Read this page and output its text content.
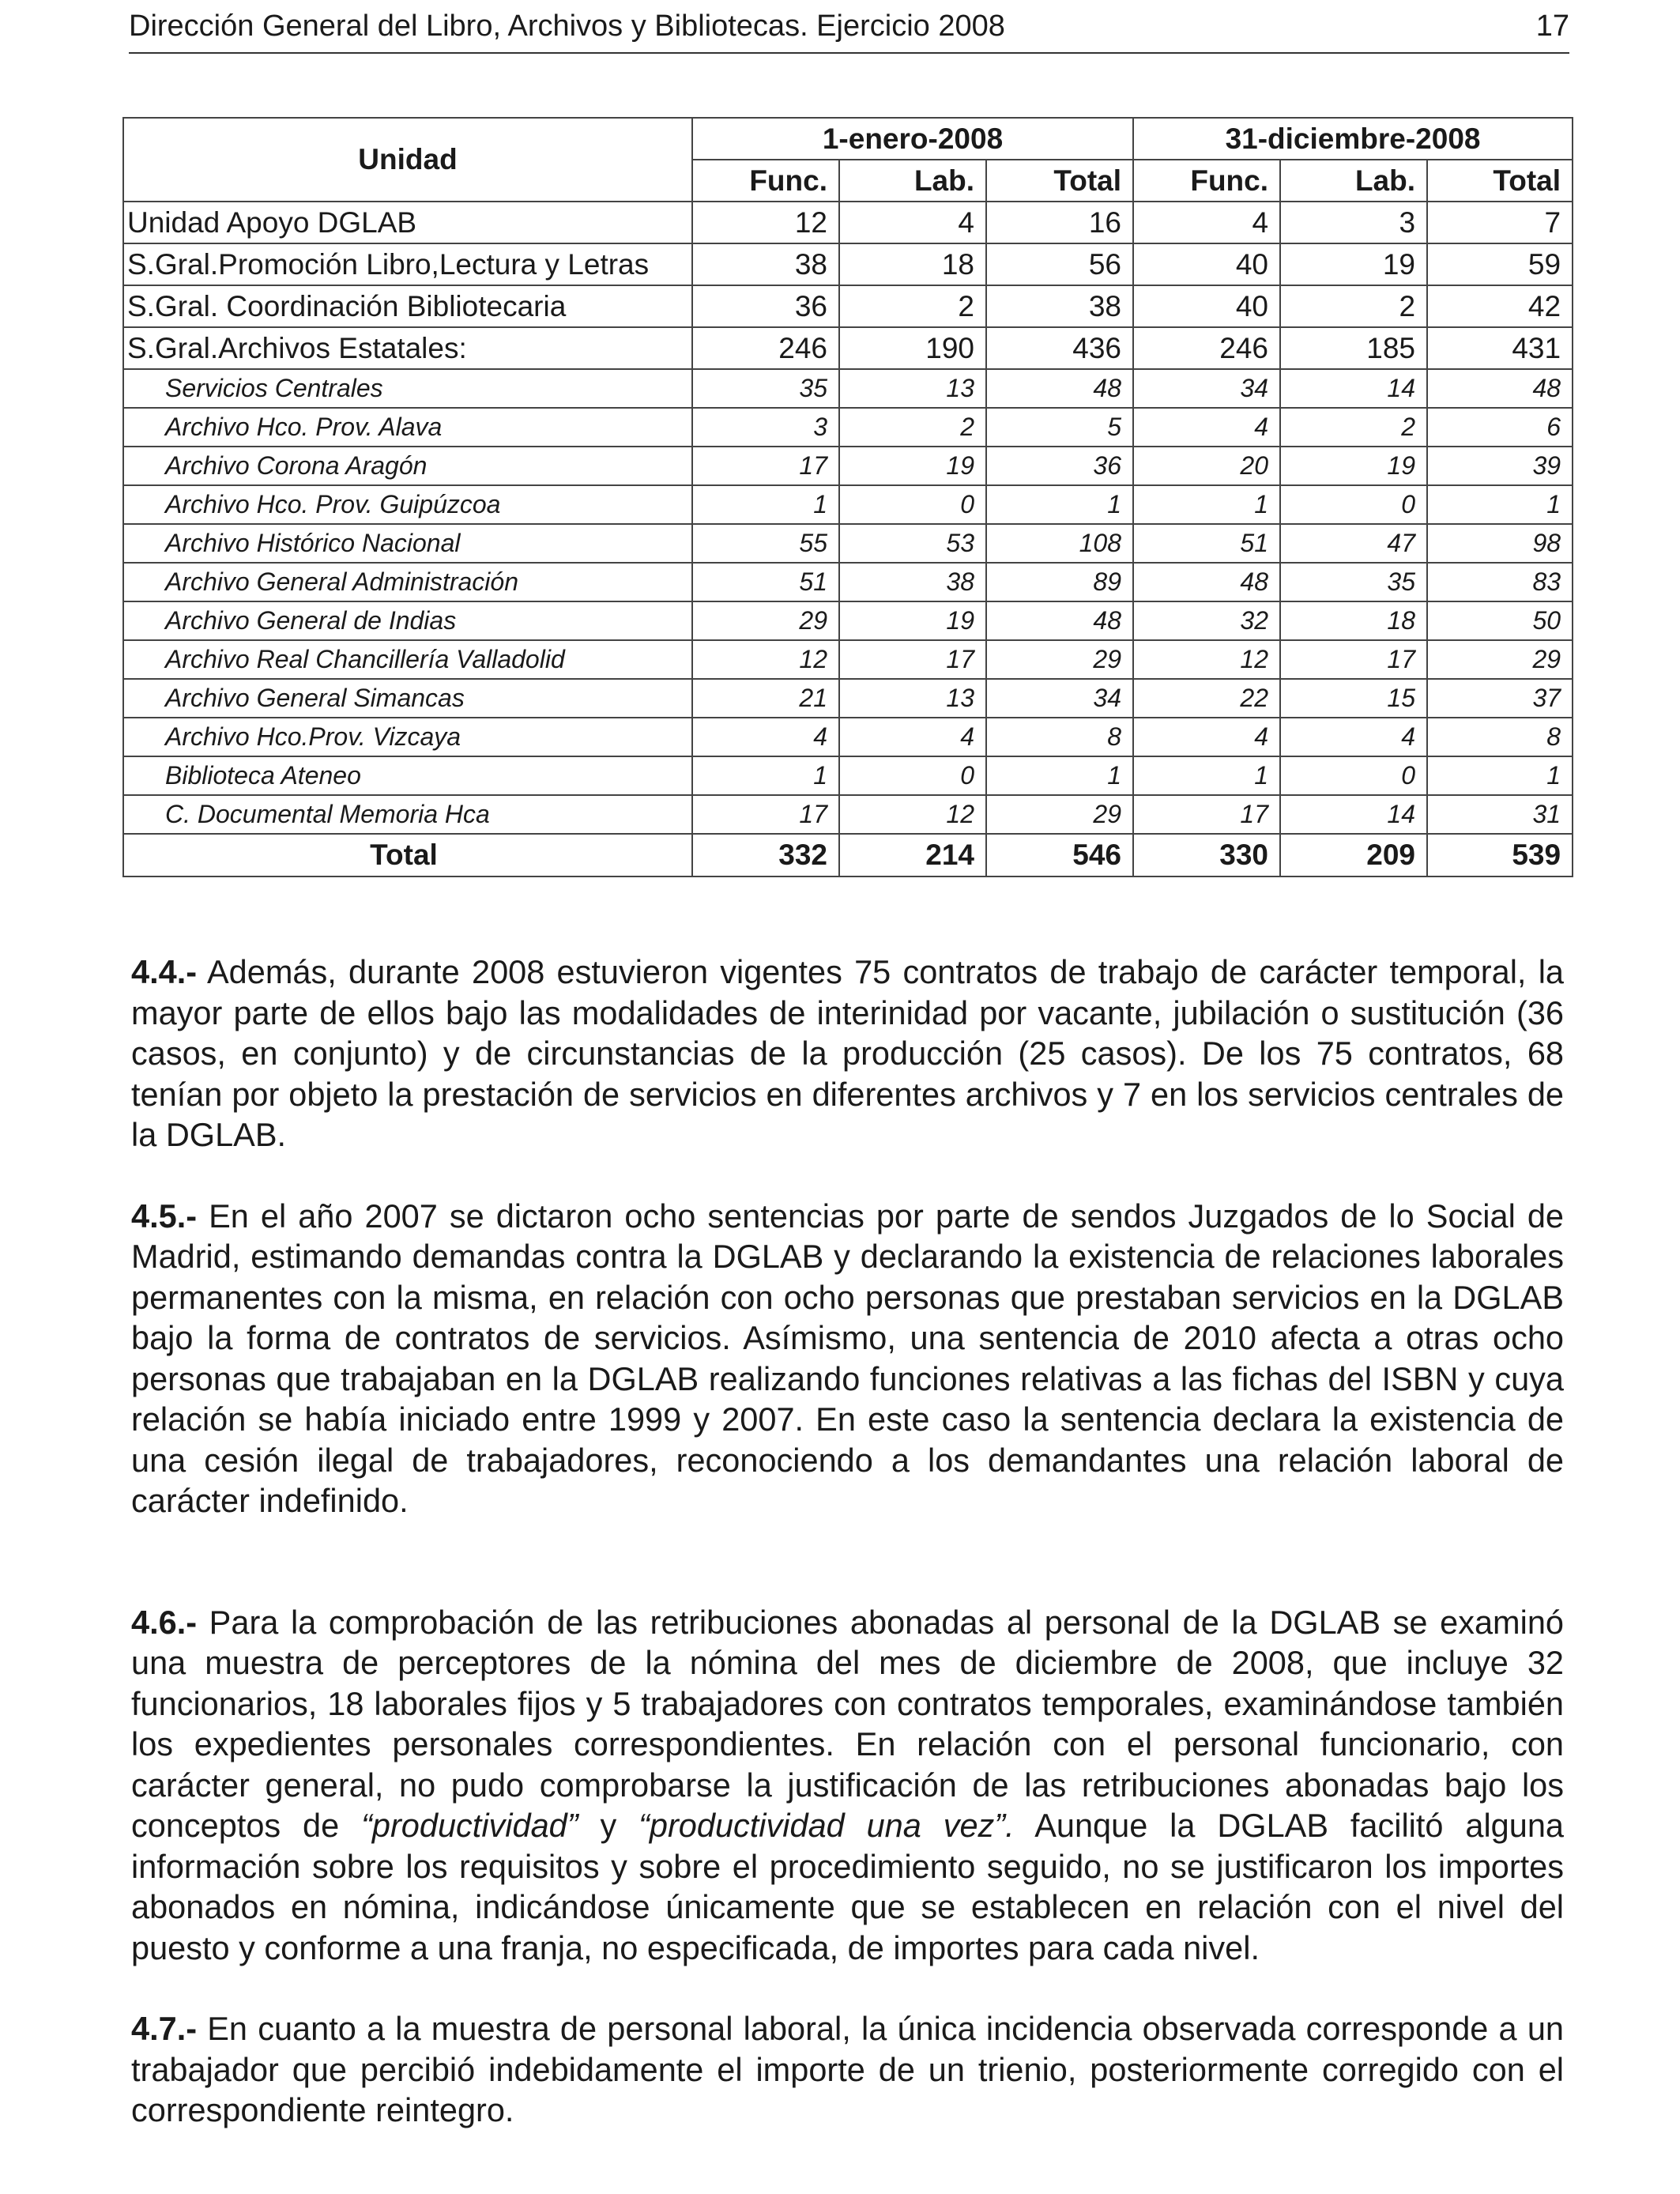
Dirección General del Libro, Archivos y Bibliotecas. Ejercicio 2008	17
Unidad	1-enero-2008			31-diciembre-2008		
	Func.	Lab.	Total	Func.	Lab.	Total
Unidad Apoyo DGLAB	12	4	16	4	3	7
S.Gral.Promoción Libro,Lectura y Letras	38	18	56	40	19	59
S.Gral. Coordinación Bibliotecaria	36	2	38	40	2	42
S.Gral.Archivos Estatales:	246	190	436	246	185	431
Servicios Centrales	35	13	48	34	14	48
Archivo Hco. Prov. Alava	3	2	5	4	2	6
Archivo Corona Aragón	17	19	36	20	19	39
Archivo Hco. Prov. Guipúzcoa	1	0	1	1	0	1
Archivo Histórico Nacional	55	53	108	51	47	98
Archivo General Administración	51	38	89	48	35	83
Archivo General de Indias	29	19	48	32	18	50
Archivo Real Chancillería Valladolid	12	17	29	12	17	29
Archivo General Simancas	21	13	34	22	15	37
Archivo Hco.Prov. Vizcaya	4	4	8	4	4	8
Biblioteca Ateneo	1	0	1	1	0	1
C. Documental Memoria Hca	17	12	29	17	14	31
Total	332	214	546	330	209	539

4.4.- Además, durante 2008 estuvieron vigentes 75 contratos de trabajo de carácter temporal, la mayor parte de ellos bajo las modalidades de interinidad por vacante, jubilación o sustitución (36 casos, en conjunto) y de circunstancias de la producción (25 casos). De los 75 contratos, 68 tenían por objeto la prestación de servicios en diferentes archivos y 7 en los servicios centrales de la DGLAB.

4.5.- En el año 2007 se dictaron ocho sentencias por parte de sendos Juzgados de lo Social de Madrid, estimando demandas contra la DGLAB y declarando la existencia de relaciones laborales permanentes con la misma, en relación con ocho personas que prestaban servicios en la DGLAB bajo la forma de contratos de servicios. Asímismo, una sentencia de 2010 afecta a otras ocho personas que trabajaban en la DGLAB realizando funciones relativas a las fichas del ISBN y cuya relación se había iniciado entre 1999 y 2007. En este caso la sentencia declara la existencia de una cesión ilegal de trabajadores, reconociendo a los demandantes una relación laboral de carácter indefinido.

4.6.- Para la comprobación de las retribuciones abonadas al personal de la DGLAB se examinó una muestra de perceptores de la nómina del mes de diciembre de 2008, que incluye 32 funcionarios, 18 laborales fijos y 5 trabajadores con contratos temporales, examinándose también los expedientes personales correspondientes. En relación con el personal funcionario, con carácter general, no pudo comprobarse la justificación de las retribuciones abonadas bajo los conceptos de “productividad” y “productividad una vez”. Aunque la DGLAB facilitó alguna información sobre los requisitos y sobre el procedimiento seguido, no se justificaron los importes abonados en nómina, indicándose únicamente que se establecen en relación con el nivel del puesto y conforme a una franja, no especificada, de importes para cada nivel.

4.7.- En cuanto a la muestra de personal laboral, la única incidencia observada corresponde a un trabajador que percibió indebidamente el importe de un trienio, posteriormente corregido con el correspondiente reintegro.
